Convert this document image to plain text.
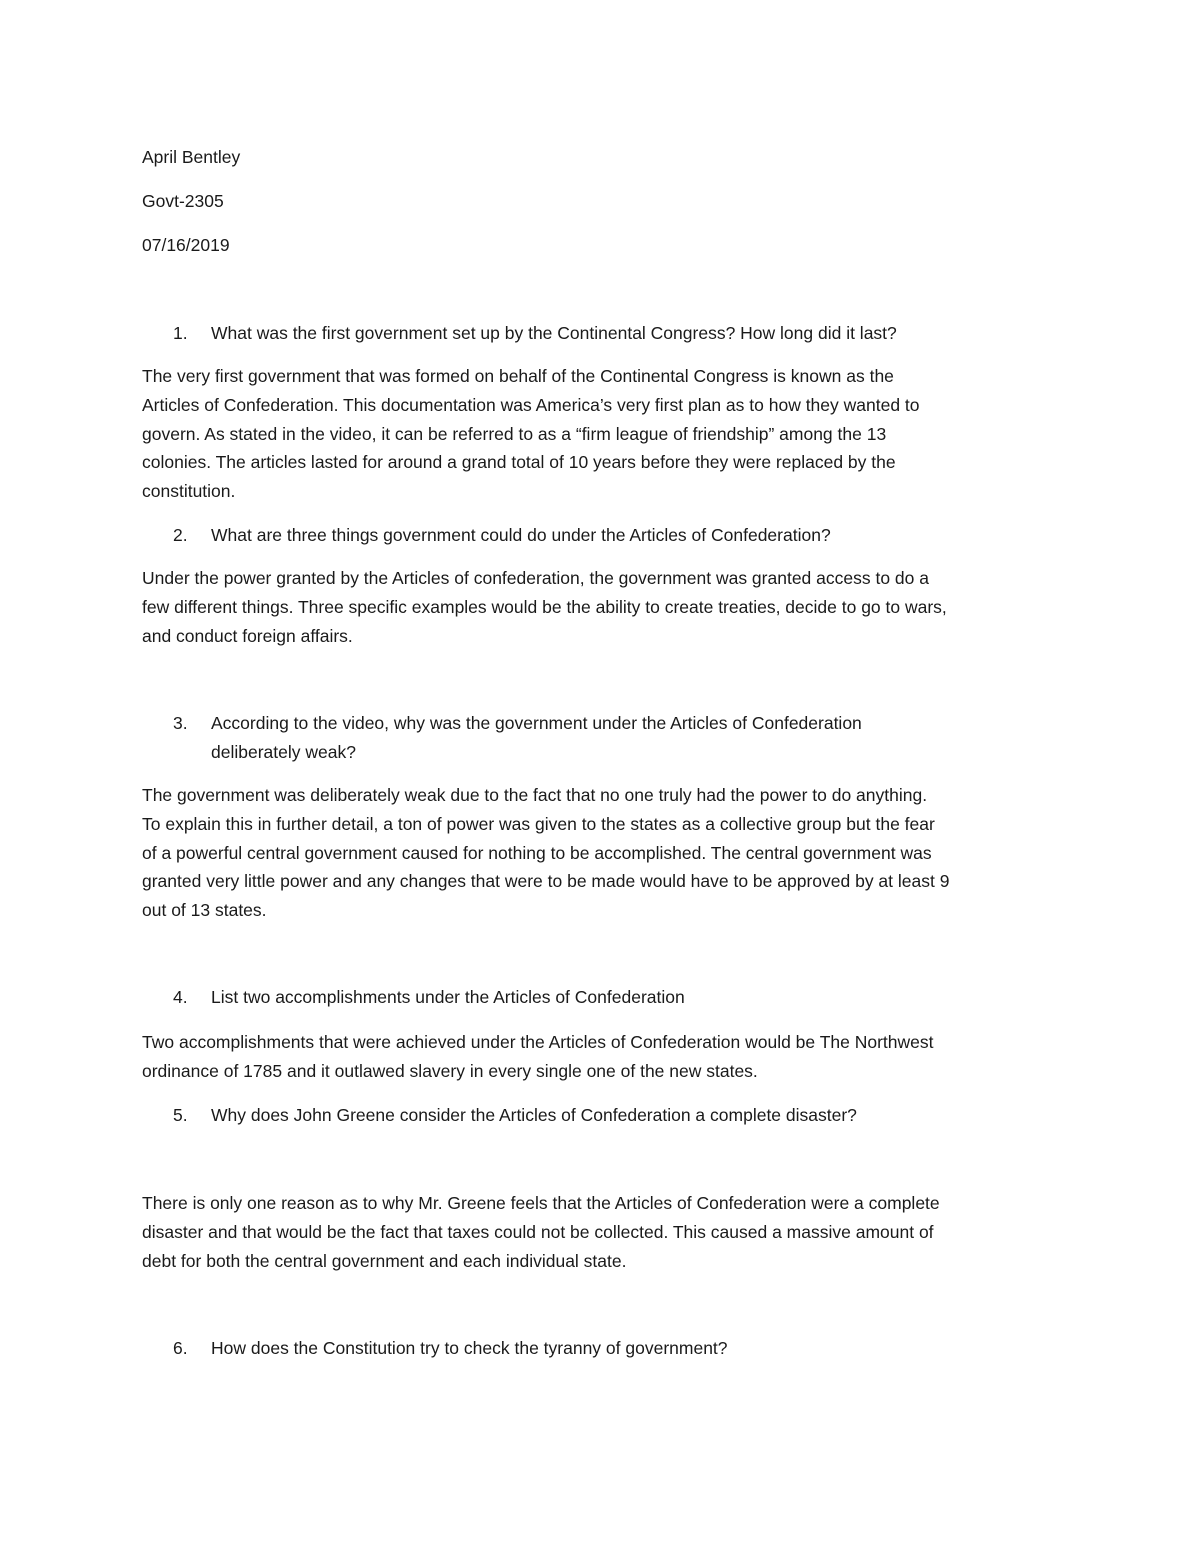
April Bentley
Govt-2305
07/16/2019
1. What was the first government set up by the Continental Congress? How long did it last?
The very first government that was formed on behalf of the Continental Congress is known as the
Articles of Confederation. This documentation was America’s very first plan as to how they wanted to
govern. As stated in the video, it can be referred to as a “firm league of friendship” among the 13
colonies. The articles lasted for around a grand total of 10 years before they were replaced by the
constitution.
2. What are three things government could do under the Articles of Confederation?
Under the power granted by the Articles of confederation, the government was granted access to do a
few different things. Three specific examples would be the ability to create treaties, decide to go to wars,
and conduct foreign affairs.
3. According to the video, why was the government under the Articles of Confederation
deliberately weak?
The government was deliberately weak due to the fact that no one truly had the power to do anything.
To explain this in further detail, a ton of power was given to the states as a collective group but the fear
of a powerful central government caused for nothing to be accomplished. The central government was
granted very little power and any changes that were to be made would have to be approved by at least 9
out of 13 states.
4. List two accomplishments under the Articles of Confederation
Two accomplishments that were achieved under the Articles of Confederation would be The Northwest
ordinance of 1785 and it outlawed slavery in every single one of the new states.
5. Why does John Greene consider the Articles of Confederation a complete disaster?
There is only one reason as to why Mr. Greene feels that the Articles of Confederation were a complete
disaster and that would be the fact that taxes could not be collected. This caused a massive amount of
debt for both the central government and each individual state.
6. How does the Constitution try to check the tyranny of government?
